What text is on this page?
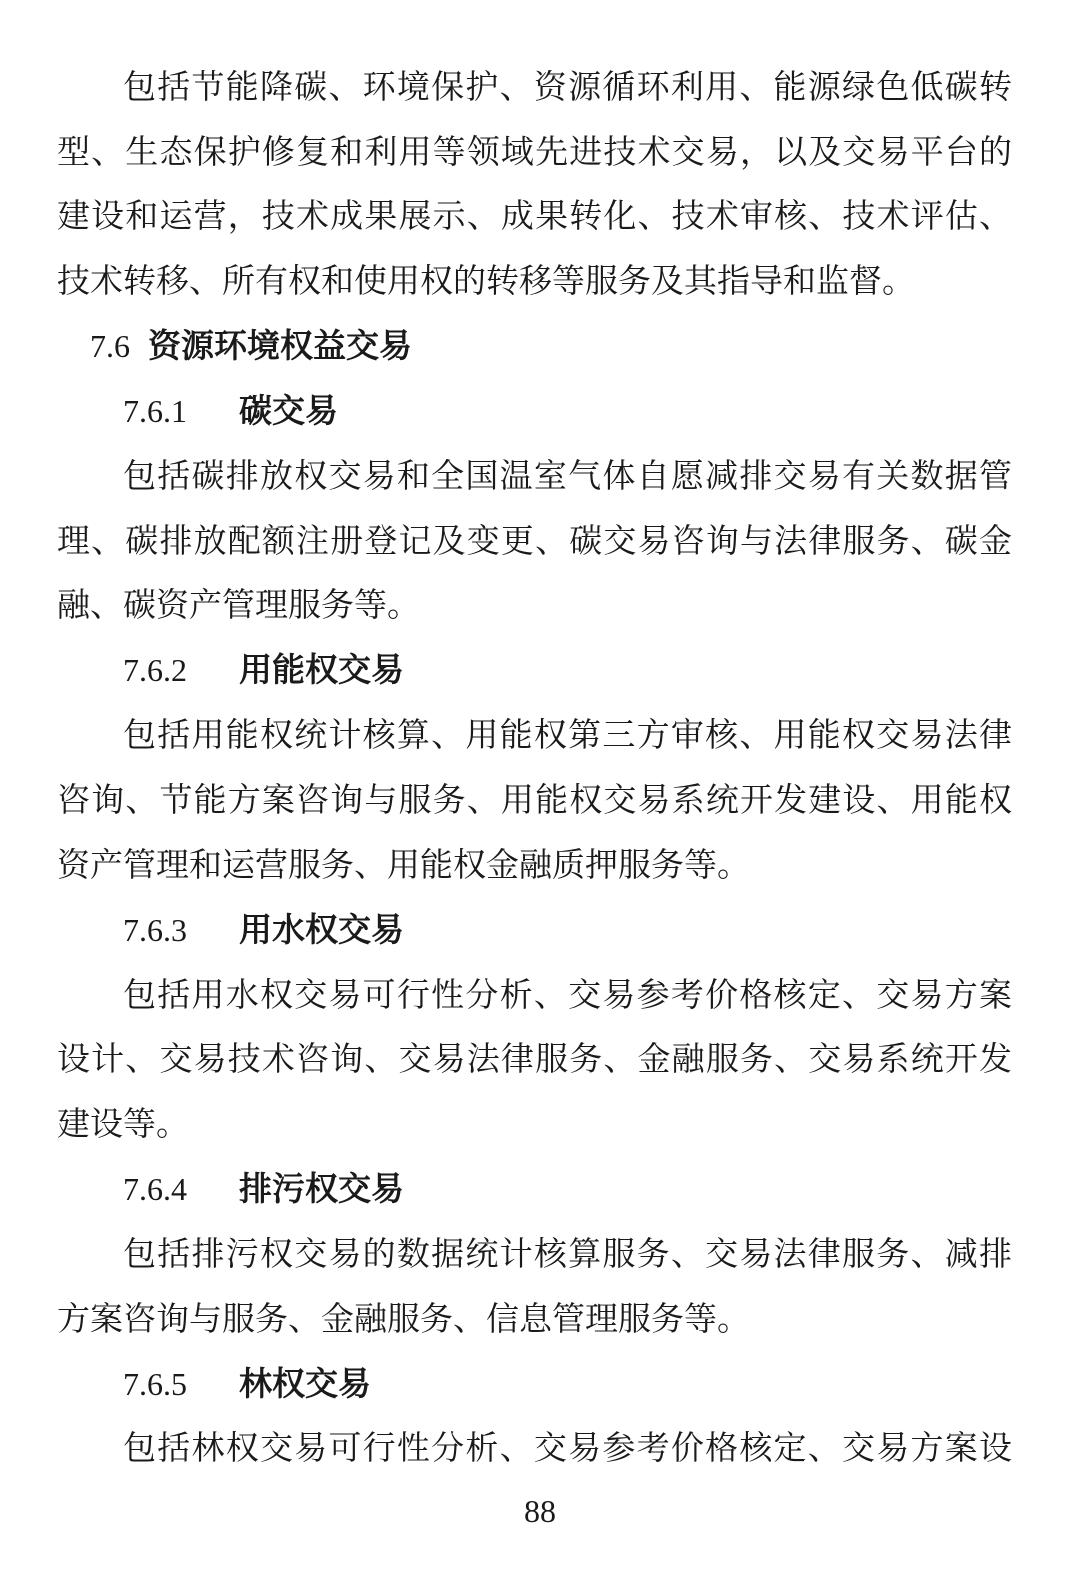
包括节能降碳、环境保护、资源循环利用、能源绿色低碳转
型、生态保护修复和利用等领域先进技术交易，以及交易平台的
建设和运营，技术成果展示、成果转化、技术审核、技术评估、
技术转移、所有权和使用权的转移等服务及其指导和监督。
7.6 资源环境权益交易
7.6.1 碳交易
包括碳排放权交易和全国温室气体自愿减排交易有关数据管
理、碳排放配额注册登记及变更、碳交易咨询与法律服务、碳金
融、碳资产管理服务等。
7.6.2 用能权交易
包括用能权统计核算、用能权第三方审核、用能权交易法律
咨询、节能方案咨询与服务、用能权交易系统开发建设、用能权
资产管理和运营服务、用能权金融质押服务等。
7.6.3 用水权交易
包括用水权交易可行性分析、交易参考价格核定、交易方案
设计、交易技术咨询、交易法律服务、金融服务、交易系统开发
建设等。
7.6.4 排污权交易
包括排污权交易的数据统计核算服务、交易法律服务、减排
方案咨询与服务、金融服务、信息管理服务等。
7.6.5 林权交易
包括林权交易可行性分析、交易参考价格核定、交易方案设
88
